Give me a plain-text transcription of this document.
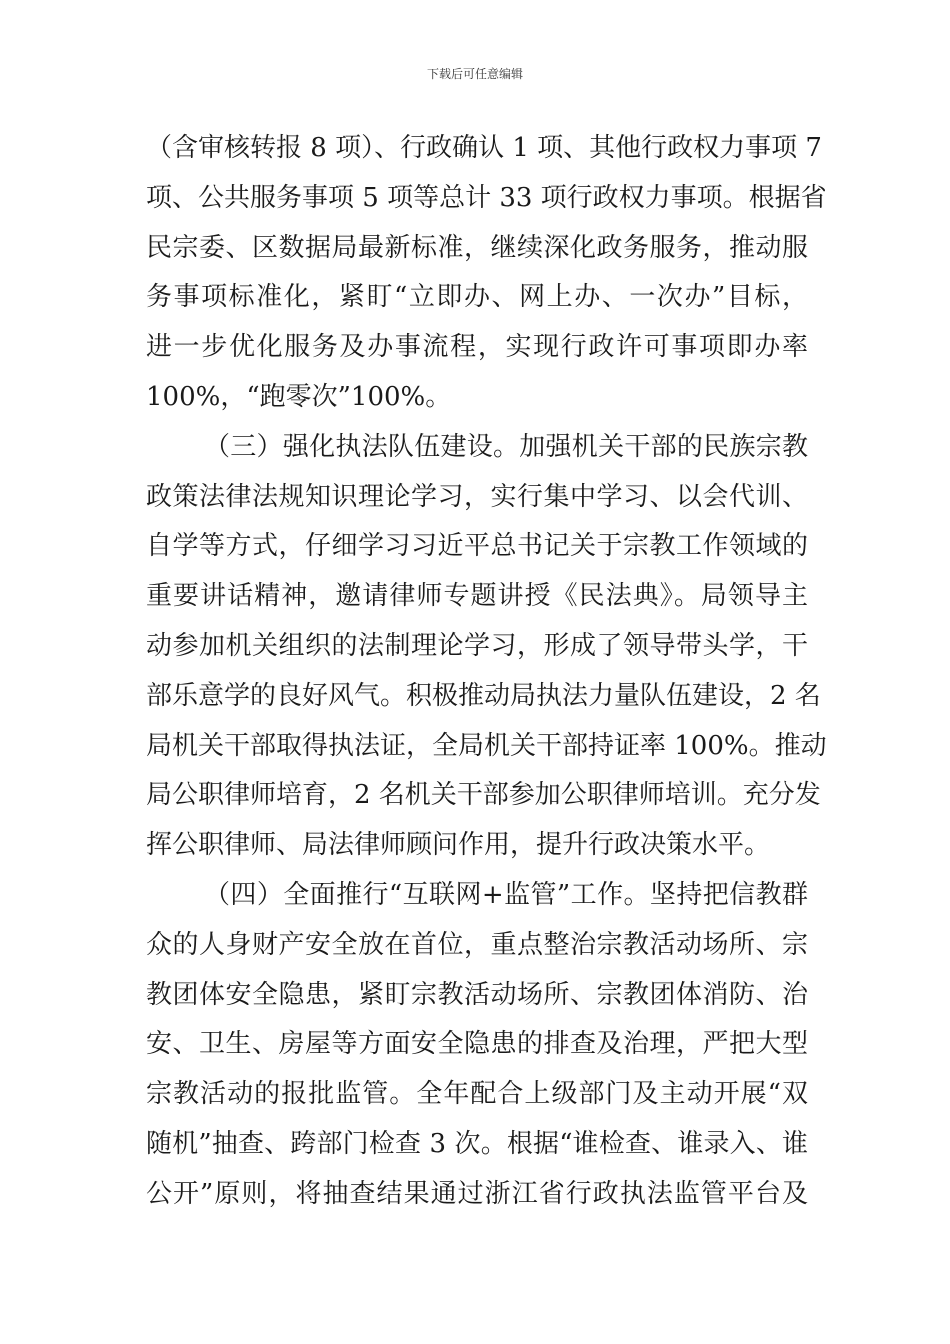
下载后可任意编辑
（含审核转报 8 项）、行政确认 1 项、其他行政权力事项 7
项、公共服务事项 5 项等总计 33 项行政权力事项。根据省
民宗委、区数据局最新标准，继续深化政务服务，推动服
务事项标准化，紧盯“立即办、网上办、一次办”目标，
进一步优化服务及办事流程，实现行政许可事项即办率
100%，“跑零次”100%。
（三）强化执法队伍建设。加强机关干部的民族宗教
政策法律法规知识理论学习，实行集中学习、以会代训、
自学等方式，仔细学习习近平总书记关于宗教工作领域的
重要讲话精神，邀请律师专题讲授《民法典》。局领导主
动参加机关组织的法制理论学习，形成了领导带头学，干
部乐意学的良好风气。积极推动局执法力量队伍建设，2 名
局机关干部取得执法证，全局机关干部持证率 100%。推动
局公职律师培育，2 名机关干部参加公职律师培训。充分发
挥公职律师、局法律师顾问作用，提升行政决策水平。
（四）全面推行“互联网+监管”工作。坚持把信教群
众的人身财产安全放在首位，重点整治宗教活动场所、宗
教团体安全隐患，紧盯宗教活动场所、宗教团体消防、治
安、卫生、房屋等方面安全隐患的排查及治理，严把大型
宗教活动的报批监管。全年配合上级部门及主动开展“双
随机”抽查、跨部门检查 3 次。根据“谁检查、谁录入、谁
公开”原则，将抽查结果通过浙江省行政执法监管平台及
